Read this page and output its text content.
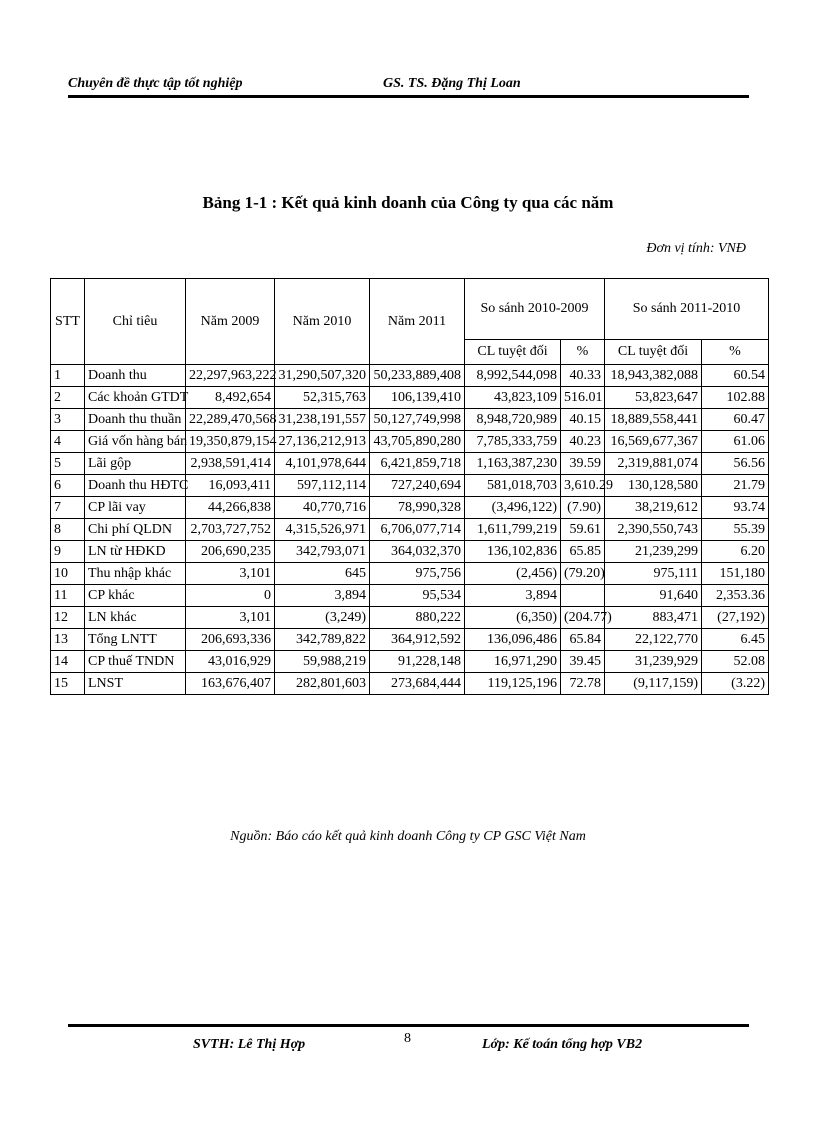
Chuyên đề thực tập tốt nghiệp	GS. TS. Đặng Thị Loan
Bảng 1-1 : Kết quả kinh doanh của Công ty qua các năm
Đơn vị tính: VNĐ
STT	Chỉ tiêu	Năm 2009	Năm 2010	Năm 2011	So sánh 2010-2009		So sánh 2011-2010	
					CL tuyệt đối	%	CL tuyệt đối	%
1	Doanh thu	22,297,963,222	31,290,507,320	50,233,889,408	8,992,544,098	40.33	18,943,382,088	60.54
2	Các khoản GTDT	8,492,654	52,315,763	106,139,410	43,823,109	516.01	53,823,647	102.88
3	Doanh thu thuần	22,289,470,568	31,238,191,557	50,127,749,998	8,948,720,989	40.15	18,889,558,441	60.47
4	Giá vốn hàng bán	19,350,879,154	27,136,212,913	43,705,890,280	7,785,333,759	40.23	16,569,677,367	61.06
5	Lãi gộp	2,938,591,414	4,101,978,644	6,421,859,718	1,163,387,230	39.59	2,319,881,074	56.56
6	Doanh thu HĐTC	16,093,411	597,112,114	727,240,694	581,018,703	3,610.29	130,128,580	21.79
7	CP lãi vay	44,266,838	40,770,716	78,990,328	(3,496,122)	(7.90)	38,219,612	93.74
8	Chi phí QLDN	2,703,727,752	4,315,526,971	6,706,077,714	1,611,799,219	59.61	2,390,550,743	55.39
9	LN từ HĐKD	206,690,235	342,793,071	364,032,370	136,102,836	65.85	21,239,299	6.20
10	Thu nhập khác	3,101	645	975,756	(2,456)	(79.20)	975,111	151,180
11	CP khác	0	3,894	95,534	3,894		91,640	2,353.36
12	LN khác	3,101	(3,249)	880,222	(6,350)	(204.77)	883,471	(27,192)
13	Tổng LNTT	206,693,336	342,789,822	364,912,592	136,096,486	65.84	22,122,770	6.45
14	CP thuế TNDN	43,016,929	59,988,219	91,228,148	16,971,290	39.45	31,239,929	52.08
15	LNST	163,676,407	282,801,603	273,684,444	119,125,196	72.78	(9,117,159)	(3.22)
Nguồn: Báo cáo kết quả kinh doanh Công ty CP GSC Việt Nam
SVTH: Lê Thị Hợp	8	Lớp: Kế toán tổng hợp VB2
